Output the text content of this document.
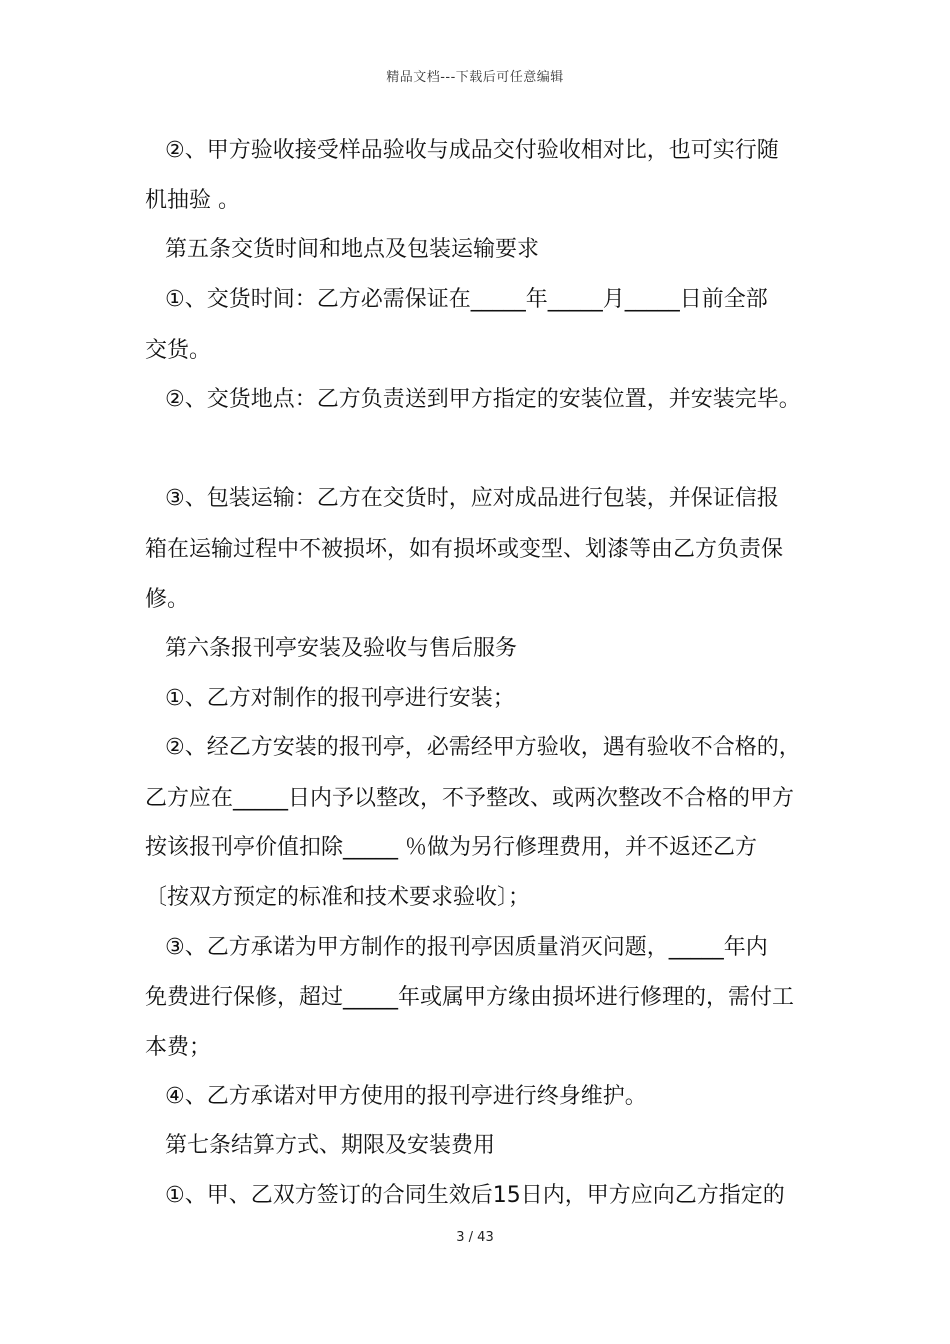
精品文档---下载后可任意编辑
②、甲方验收接受样品验收与成品交付验收相对比，也可实行随
机抽验 。
第五条交货时间和地点及包装运输要求
①、交货时间：乙方必需保证在_____年_____月_____日前全部
交货。
②、交货地点：乙方负责送到甲方指定的安装位置，并安装完毕。
③、包装运输：乙方在交货时，应对成品进行包装，并保证信报
箱在运输过程中不被损坏，如有损坏或变型、划漆等由乙方负责保
修。
第六条报刊亭安装及验收与售后服务
①、乙方对制作的报刊亭进行安装；
②、经乙方安装的报刊亭，必需经甲方验收，遇有验收不合格的，
乙方应在_____日内予以整改，不予整改、或两次整改不合格的甲方
按该报刊亭价值扣除_____ ％做为另行修理费用，并不返还乙方
〔按双方预定的标准和技术要求验收〕；
③、乙方承诺为甲方制作的报刊亭因质量消灭问题，_____年内
免费进行保修，超过_____年或属甲方缘由损坏进行修理的，需付工
本费；
④、乙方承诺对甲方使用的报刊亭进行终身维护。
第七条结算方式、期限及安装费用
①、甲、乙双方签订的合同生效后15日内，甲方应向乙方指定的
3 / 43
